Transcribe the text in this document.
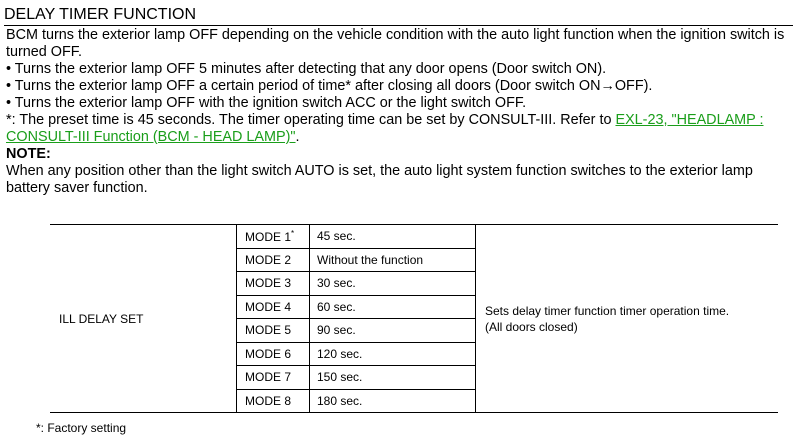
DELAY TIMER FUNCTION

BCM turns the exterior lamp OFF depending on the vehicle condition with the auto light function when the ignition switch is turned OFF.

• Turns the exterior lamp OFF 5 minutes after detecting that any door opens (Door switch ON).

• Turns the exterior lamp OFF a certain period of time* after closing all doors (Door switch ON→OFF).

• Turns the exterior lamp OFF with the ignition switch ACC or the light switch OFF.

*: The preset time is 45 seconds. The timer operating time can be set by CONSULT-III. Refer to EXL-23, "HEADLAMP : CONSULT-III Function (BCM - HEAD LAMP)".

NOTE:

When any position other than the light switch AUTO is set, the auto light system function switches to the exterior lamp battery saver function.

ILL DELAY SET	MODE 1*	45 sec.	Sets delay timer function timer operation time.
(All doors closed)

	MODE 2	Without the function	
	MODE 3	30 sec.	
	MODE 4	60 sec.	
	MODE 5	90 sec.	
	MODE 6	120 sec.	
	MODE 7	150 sec.	
	MODE 8	180 sec.	
*: Factory setting
